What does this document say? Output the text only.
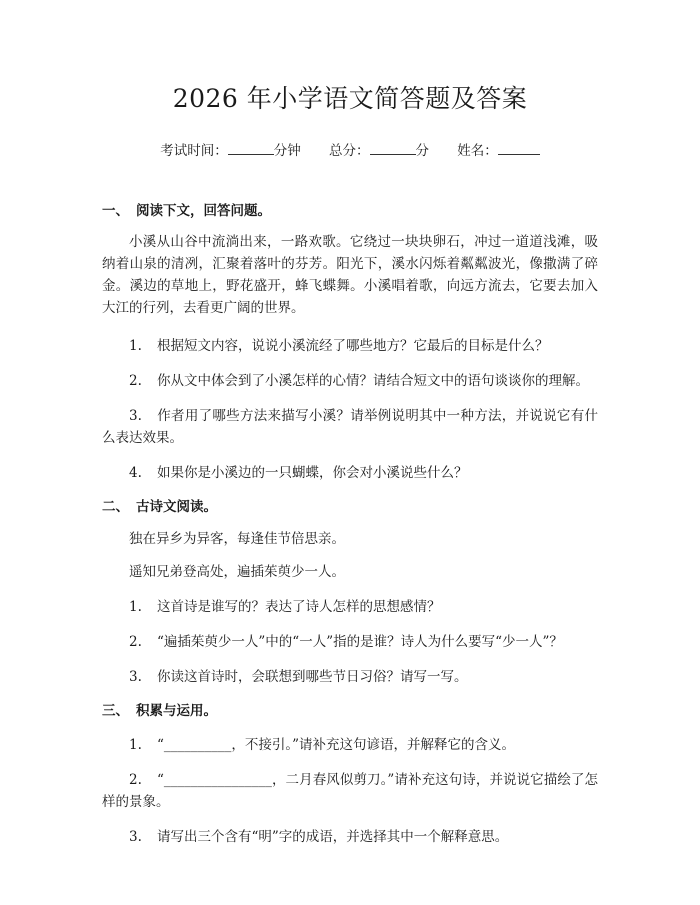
2026 年小学语文简答题及答案
考试时间：	分钟 总分：	分 姓名：

一、 阅读下文，回答问题。

小溪从山谷中流淌出来，一路欢歌。它绕过一块块卵石，冲过一道道浅滩，吸纳着山泉的清冽，汇聚着落叶的芬芳。阳光下，溪水闪烁着粼粼波光，像撒满了碎金。溪边的草地上，野花盛开，蜂飞蝶舞。小溪唱着歌，向远方流去，它要去加入大江的行列，去看更广阔的世界。

1. 根据短文内容，说说小溪流经了哪些地方？它最后的目标是什么？

2. 你从文中体会到了小溪怎样的心情？请结合短文中的语句谈谈你的理解。

3. 作者用了哪些方法来描写小溪？请举例说明其中一种方法，并说说它有什么表达效果。

4. 如果你是小溪边的一只蝴蝶，你会对小溪说些什么？

二、 古诗文阅读。

独在异乡为异客，每逢佳节倍思亲。

遥知兄弟登高处，遍插茱萸少一人。

1. 这首诗是谁写的？表达了诗人怎样的思想感情？

2. “遍插茱萸少一人”中的“一人”指的是谁？诗人为什么要写“少一人”？

3. 你读这首诗时，会联想到哪些节日习俗？请写一写。

三、 积累与运用。

1. “__________，不接引。”请补充这句谚语，并解释它的含义。

2. “________________，二月春风似剪刀。”请补充这句诗，并说说它描绘了怎样的景象。

3. 请写出三个含有“明”字的成语，并选择其中一个解释意思。
